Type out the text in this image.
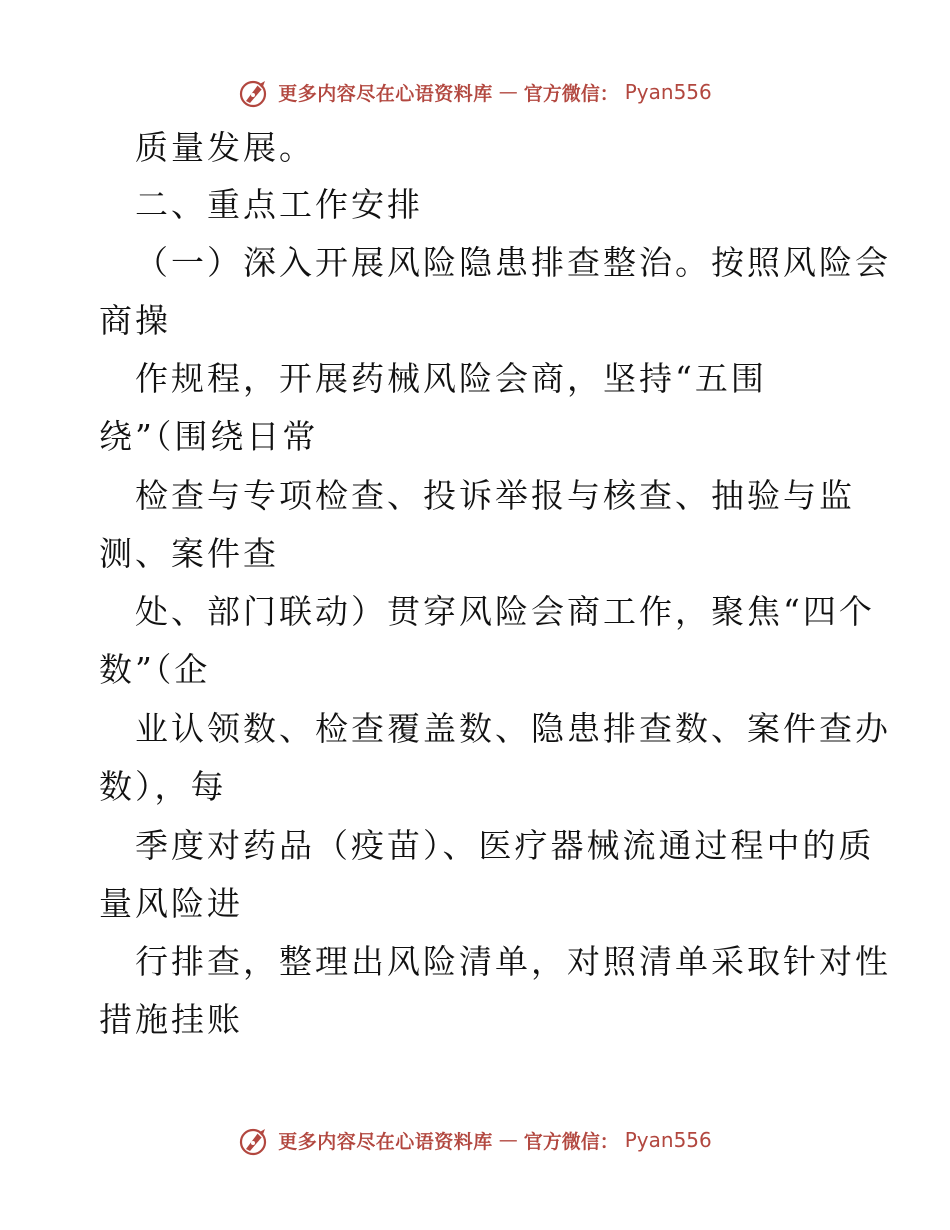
更多内容尽在心语资料库 — 官方微信： Pyan556
质量发展。
二、重点工作安排
（一）深入开展风险隐患排查整治。按照风险会
商操
作规程，开展药械风险会商，坚持“五围
绕”（围绕日常
检查与专项检查、投诉举报与核查、抽验与监
测、案件查
处、部门联动）贯穿风险会商工作，聚焦“四个
数”（企
业认领数、检查覆盖数、隐患排查数、案件查办
数），每
季度对药品（疫苗）、医疗器械流通过程中的质
量风险进
行排查，整理出风险清单，对照清单采取针对性
措施挂账
更多内容尽在心语资料库 — 官方微信： Pyan556
